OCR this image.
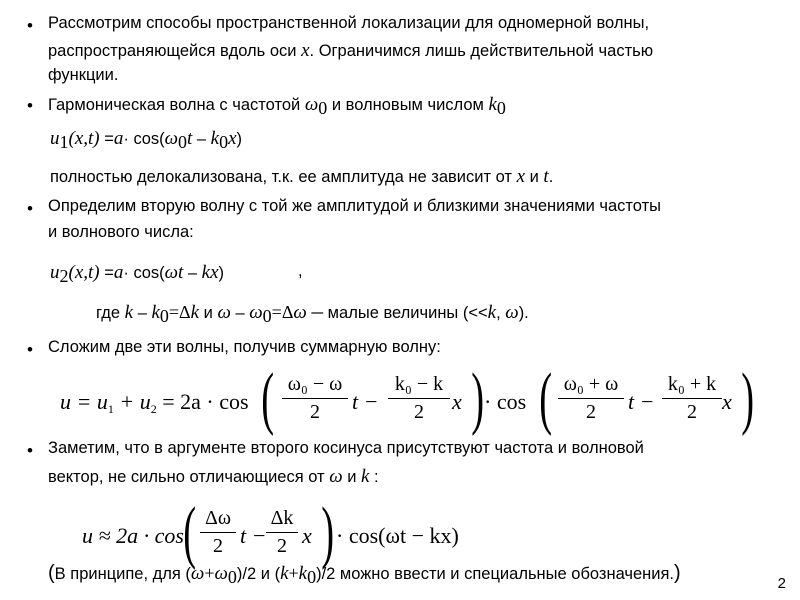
• Рассмотрим способы пространственной локализации для одномерной волны,
распространяющейся вдоль оси x. Ограничимся лишь действительной частью
функции.
• Гармоническая волна с частотой $\omega_0$ и волновым числом $k_0$
$u_1(x,t) =a\cdot \cos(\omega_0t - k_0x)$
полностью делокализована, т.к. ее амплитуда не зависит от x и t.
• Определим вторую волну с той же амплитудой и близкими значениями частоты
и волнового числа:
$u_2(x,t) =a\cdot \cos(\omega t - kx)$	,
где $k - k_0=\Delta k$ и $\omega - \omega_0=\Delta\omega$ ─ малые величины (<<k, ω).
• Сложим две эти волны, получив суммарную волну:
$u = u_1 + u_2 = 2a \cdot \cos$ ( ω₀ − ω
2	t −
k₀ − k
2	x ) · cos ( ω₀ + ω
2	t −
k₀ + k
2	x )
• Заметим, что в аргументе второго косинуса присутствуют частота и волновой
вектор, не сильно отличающиеся от ω и k :
u ≈ 2a · cos ( Δω
2 t −
Δk
2 x ) · cos(ωt − kx)
(В принципе, для $(\omega+\omega_0)/2$ и $(k+k_0)/2$ можно ввести и специальные обозначения.)	2
